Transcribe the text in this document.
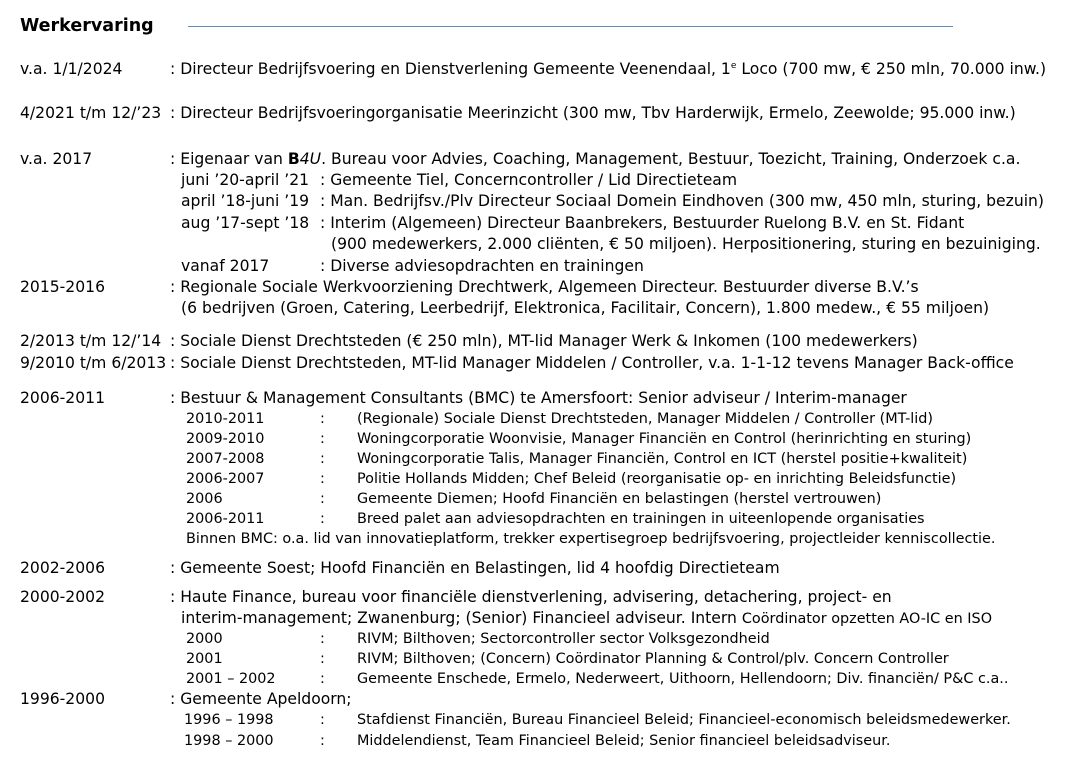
Werkervaring
v.a. 1/1/2024	: Directeur Bedrijfsvoering en Dienstverlening Gemeente Veenendaal, 1e Loco (700 mw, € 250 mln, 70.000 inw.)
4/2021 t/m 12/’23 : Directeur Bedrijfsvoeringorganisatie Meerinzicht (300 mw, Tbv Harderwijk, Ermelo, Zeewolde; 95.000 inw.)
v.a. 2017	: Eigenaar van B4U. Bureau voor Advies, Coaching, Management, Bestuur, Toezicht, Training, Onderzoek c.a.
juni ’20-april ’21 : Gemeente Tiel, Concerncontroller / Lid Directieteam
april ’18-juni ’19 : Man. Bedrijfsv./Plv Directeur Sociaal Domein Eindhoven (300 mw, 450 mln, sturing, bezuin)
aug ’17-sept ’18 : Interim (Algemeen) Directeur Baanbrekers, Bestuurder Ruelong B.V. en St. Fidant
(900 medewerkers, 2.000 cliënten, € 50 miljoen). Herpositionering, sturing en bezuiniging.
vanaf 2017	: Diverse adviesopdrachten en trainingen
2015-2016	: Regionale Sociale Werkvoorziening Drechtwerk, Algemeen Directeur. Bestuurder diverse B.V.’s
(6 bedrijven (Groen, Catering, Leerbedrijf, Elektronica, Facilitair, Concern), 1.800 medew., € 55 miljoen)
2/2013 t/m 12/’14 : Sociale Dienst Drechtsteden (€ 250 mln), MT-lid Manager Werk & Inkomen (100 medewerkers)
9/2010 t/m 6/2013 : Sociale Dienst Drechtsteden, MT-lid Manager Middelen / Controller, v.a. 1-1-12 tevens Manager Back-office
2006-2011	: Bestuur & Management Consultants (BMC) te Amersfoort: Senior adviseur / Interim-manager
2010-2011	: (Regionale) Sociale Dienst Drechtsteden, Manager Middelen / Controller (MT-lid)
2009-2010	: Woningcorporatie Woonvisie, Manager Financiën en Control (herinrichting en sturing)
2007-2008	: Woningcorporatie Talis, Manager Financiën, Control en ICT (herstel positie+kwaliteit)
2006-2007	: Politie Hollands Midden; Chef Beleid (reorganisatie op- en inrichting Beleidsfunctie)
2006	: Gemeente Diemen; Hoofd Financiën en belastingen (herstel vertrouwen)
2006-2011	: Breed palet aan adviesopdrachten en trainingen in uiteenlopende organisaties
Binnen BMC: o.a. lid van innovatieplatform, trekker expertisegroep bedrijfsvoering, projectleider kenniscollectie.
2002-2006	: Gemeente Soest; Hoofd Financiën en Belastingen, lid 4 hoofdig Directieteam
2000-2002	: Haute Finance, bureau voor financiële dienstverlening, advisering, detachering, project- en
interim-management; Zwanenburg; (Senior) Financieel adviseur. Intern Coördinator opzetten AO-IC en ISO
2000	: RIVM; Bilthoven; Sectorcontroller sector Volksgezondheid
2001	: RIVM; Bilthoven; (Concern) Coördinator Planning & Control/plv. Concern Controller
2001 – 2002	: Gemeente Enschede, Ermelo, Nederweert, Uithoorn, Hellendoorn; Div. financiën/ P&C c.a..
1996-2000	: Gemeente Apeldoorn;
1996 – 1998	: Stafdienst Financiën, Bureau Financieel Beleid; Financieel-economisch beleidsmedewerker.
1998 – 2000	: Middelendienst, Team Financieel Beleid; Senior financieel beleidsadviseur.
